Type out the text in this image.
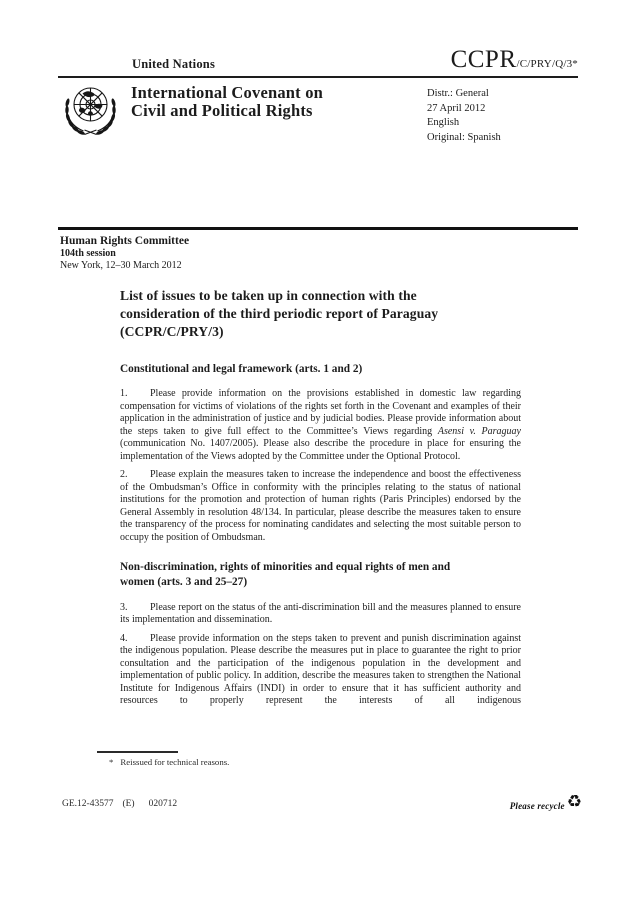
United Nations	CCPR/C/PRY/Q/3*
International Covenant on
Civil and Political Rights
Distr.: General
27 April 2012
English
Original: Spanish
Human Rights Committee
104th session
New York, 12–30 March 2012
List of issues to be taken up in connection with the
consideration of the third periodic report of Paraguay
(CCPR/C/PRY/3)
Constitutional and legal framework (arts. 1 and 2)

1. Please provide information on the provisions established in domestic law regarding compensation for victims of violations of the rights set forth in the Covenant and examples of their application in the administration of justice and by judicial bodies. Please provide information about the steps taken to give full effect to the Committee’s Views regarding Asensi v. Paraguay (communication No. 1407/2005). Please also describe the procedure in place for ensuring the implementation of the Views adopted by the Committee under the Optional Protocol.

2. Please explain the measures taken to increase the independence and boost the effectiveness of the Ombudsman’s Office in conformity with the principles relating to the status of national institutions for the promotion and protection of human rights (Paris Principles) endorsed by the General Assembly in resolution 48/134. In particular, please describe the measures taken to ensure the transparency of the process for nominating candidates and selecting the most suitable person to occupy the position of Ombudsman.

Non-discrimination, rights of minorities and equal rights of men and
women (arts. 3 and 25–27)

3. Please report on the status of the anti-discrimination bill and the measures planned to ensure its implementation and dissemination.

4. Please provide information on the steps taken to prevent and punish discrimination against the indigenous population. Please describe the measures put in place to guarantee the right to prior consultation and the participation of the indigenous population in the development and implementation of public policy. In addition, describe the measures taken to strengthen the National Institute for Indigenous Affairs (INDI) in order to ensure that it has sufficient authority and resources to properly represent the interests of all indigenous

* Reissued for technical reasons.
GE.12-43577 (E) 020712	Please recycle ♻
